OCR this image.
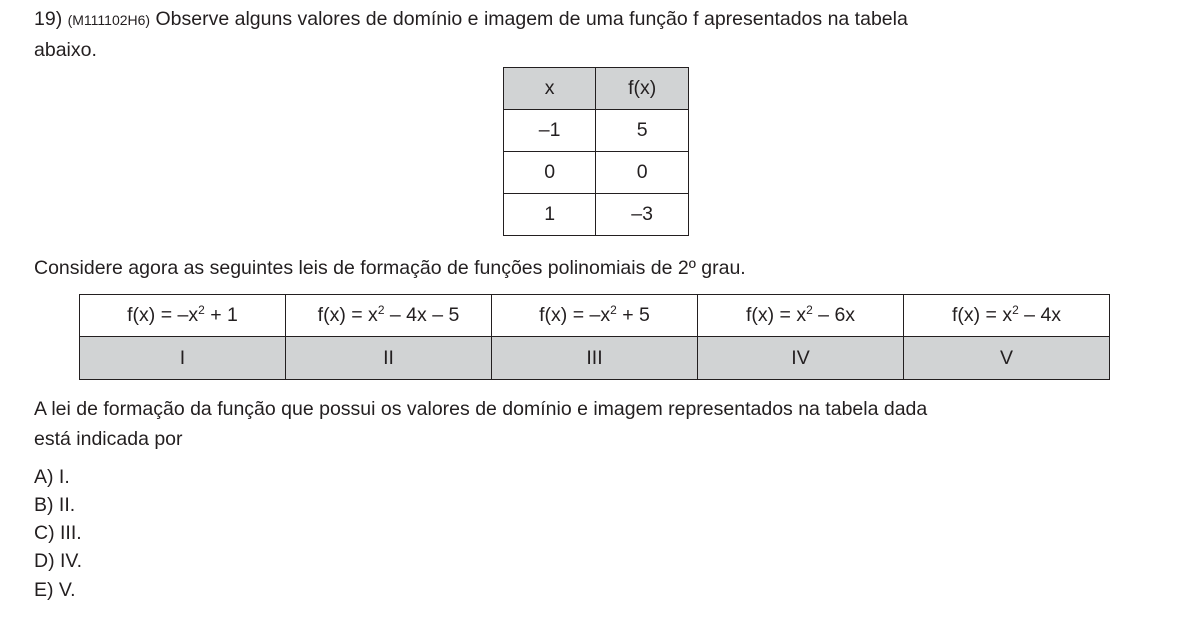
19) (M111102H6) Observe alguns valores de domínio e imagem de uma função f apresentados na tabela
abaixo.
x	f(x)
–1	5
0	0
1	–3
Considere agora as seguintes leis de formação de funções polinomiais de 2º grau.
$f(x) = -x^2 + 1$	$f(x) = x^2 - 4x - 5$	$f(x) = -x^2 + 5$	$f(x) = x^2 - 6x$	$f(x) = x^2 - 4x$
I	II	III	IV	V
A lei de formação da função que possui os valores de domínio e imagem representados na tabela dada
está indicada por
A) I.
B) II.
C) III.
D) IV.
E) V.
